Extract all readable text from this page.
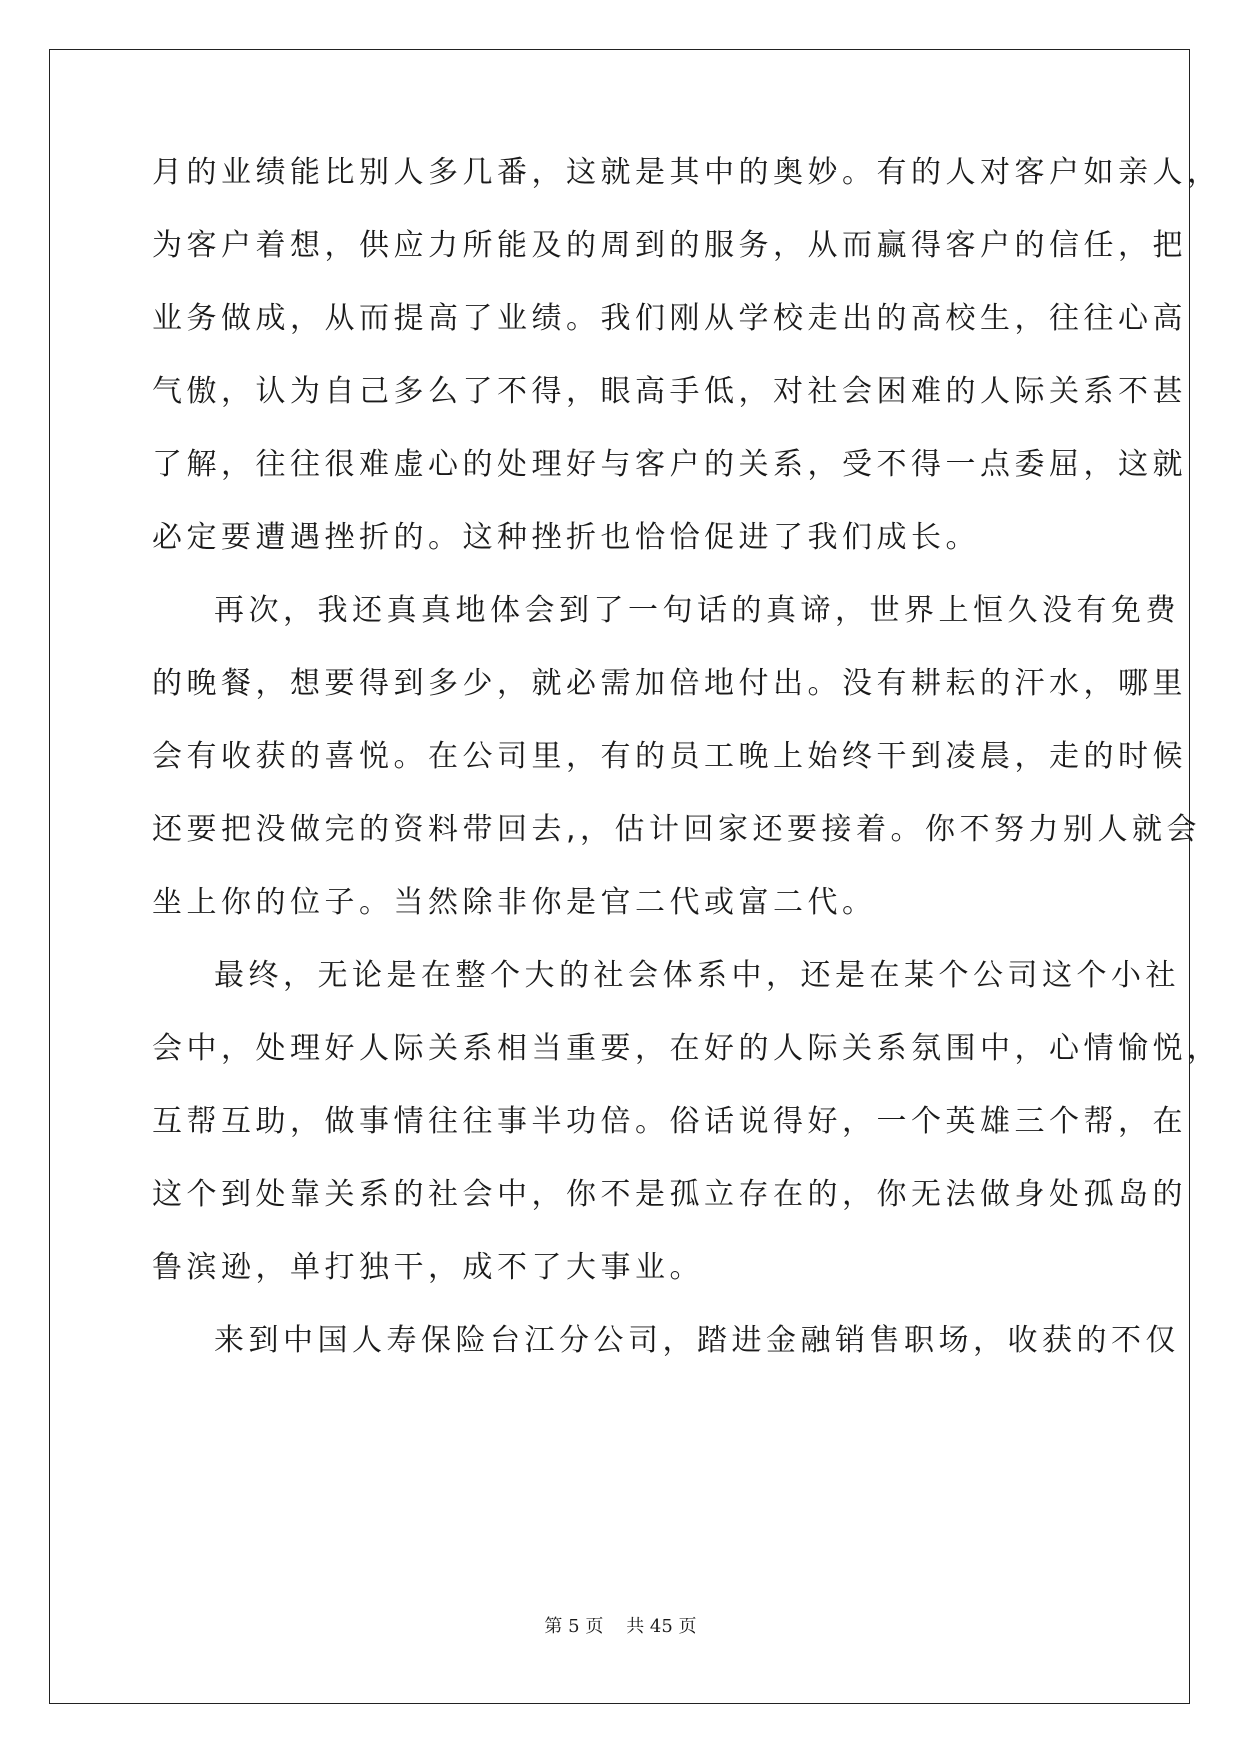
月的业绩能比别人多几番，这就是其中的奥妙。有的人对客户如亲人，
为客户着想，供应力所能及的周到的服务，从而赢得客户的信任，把
业务做成，从而提高了业绩。我们刚从学校走出的高校生，往往心高
气傲，认为自己多么了不得，眼高手低，对社会困难的人际关系不甚
了解，往往很难虚心的处理好与客户的关系，受不得一点委屈，这就
必定要遭遇挫折的。这种挫折也恰恰促进了我们成长。
再次，我还真真地体会到了一句话的真谛，世界上恒久没有免费
的晚餐，想要得到多少，就必需加倍地付出。没有耕耘的汗水，哪里
会有收获的喜悦。在公司里，有的员工晚上始终干到凌晨，走的时候
还要把没做完的资料带回去,，估计回家还要接着。你不努力别人就会
坐上你的位子。当然除非你是官二代或富二代。
最终，无论是在整个大的社会体系中，还是在某个公司这个小社
会中，处理好人际关系相当重要，在好的人际关系氛围中，心情愉悦，
互帮互助，做事情往往事半功倍。俗话说得好，一个英雄三个帮，在
这个到处靠关系的社会中，你不是孤立存在的，你无法做身处孤岛的
鲁滨逊，单打独干，成不了大事业。
来到中国人寿保险台江分公司，踏进金融销售职场，收获的不仅
第 5 页    共 45 页
